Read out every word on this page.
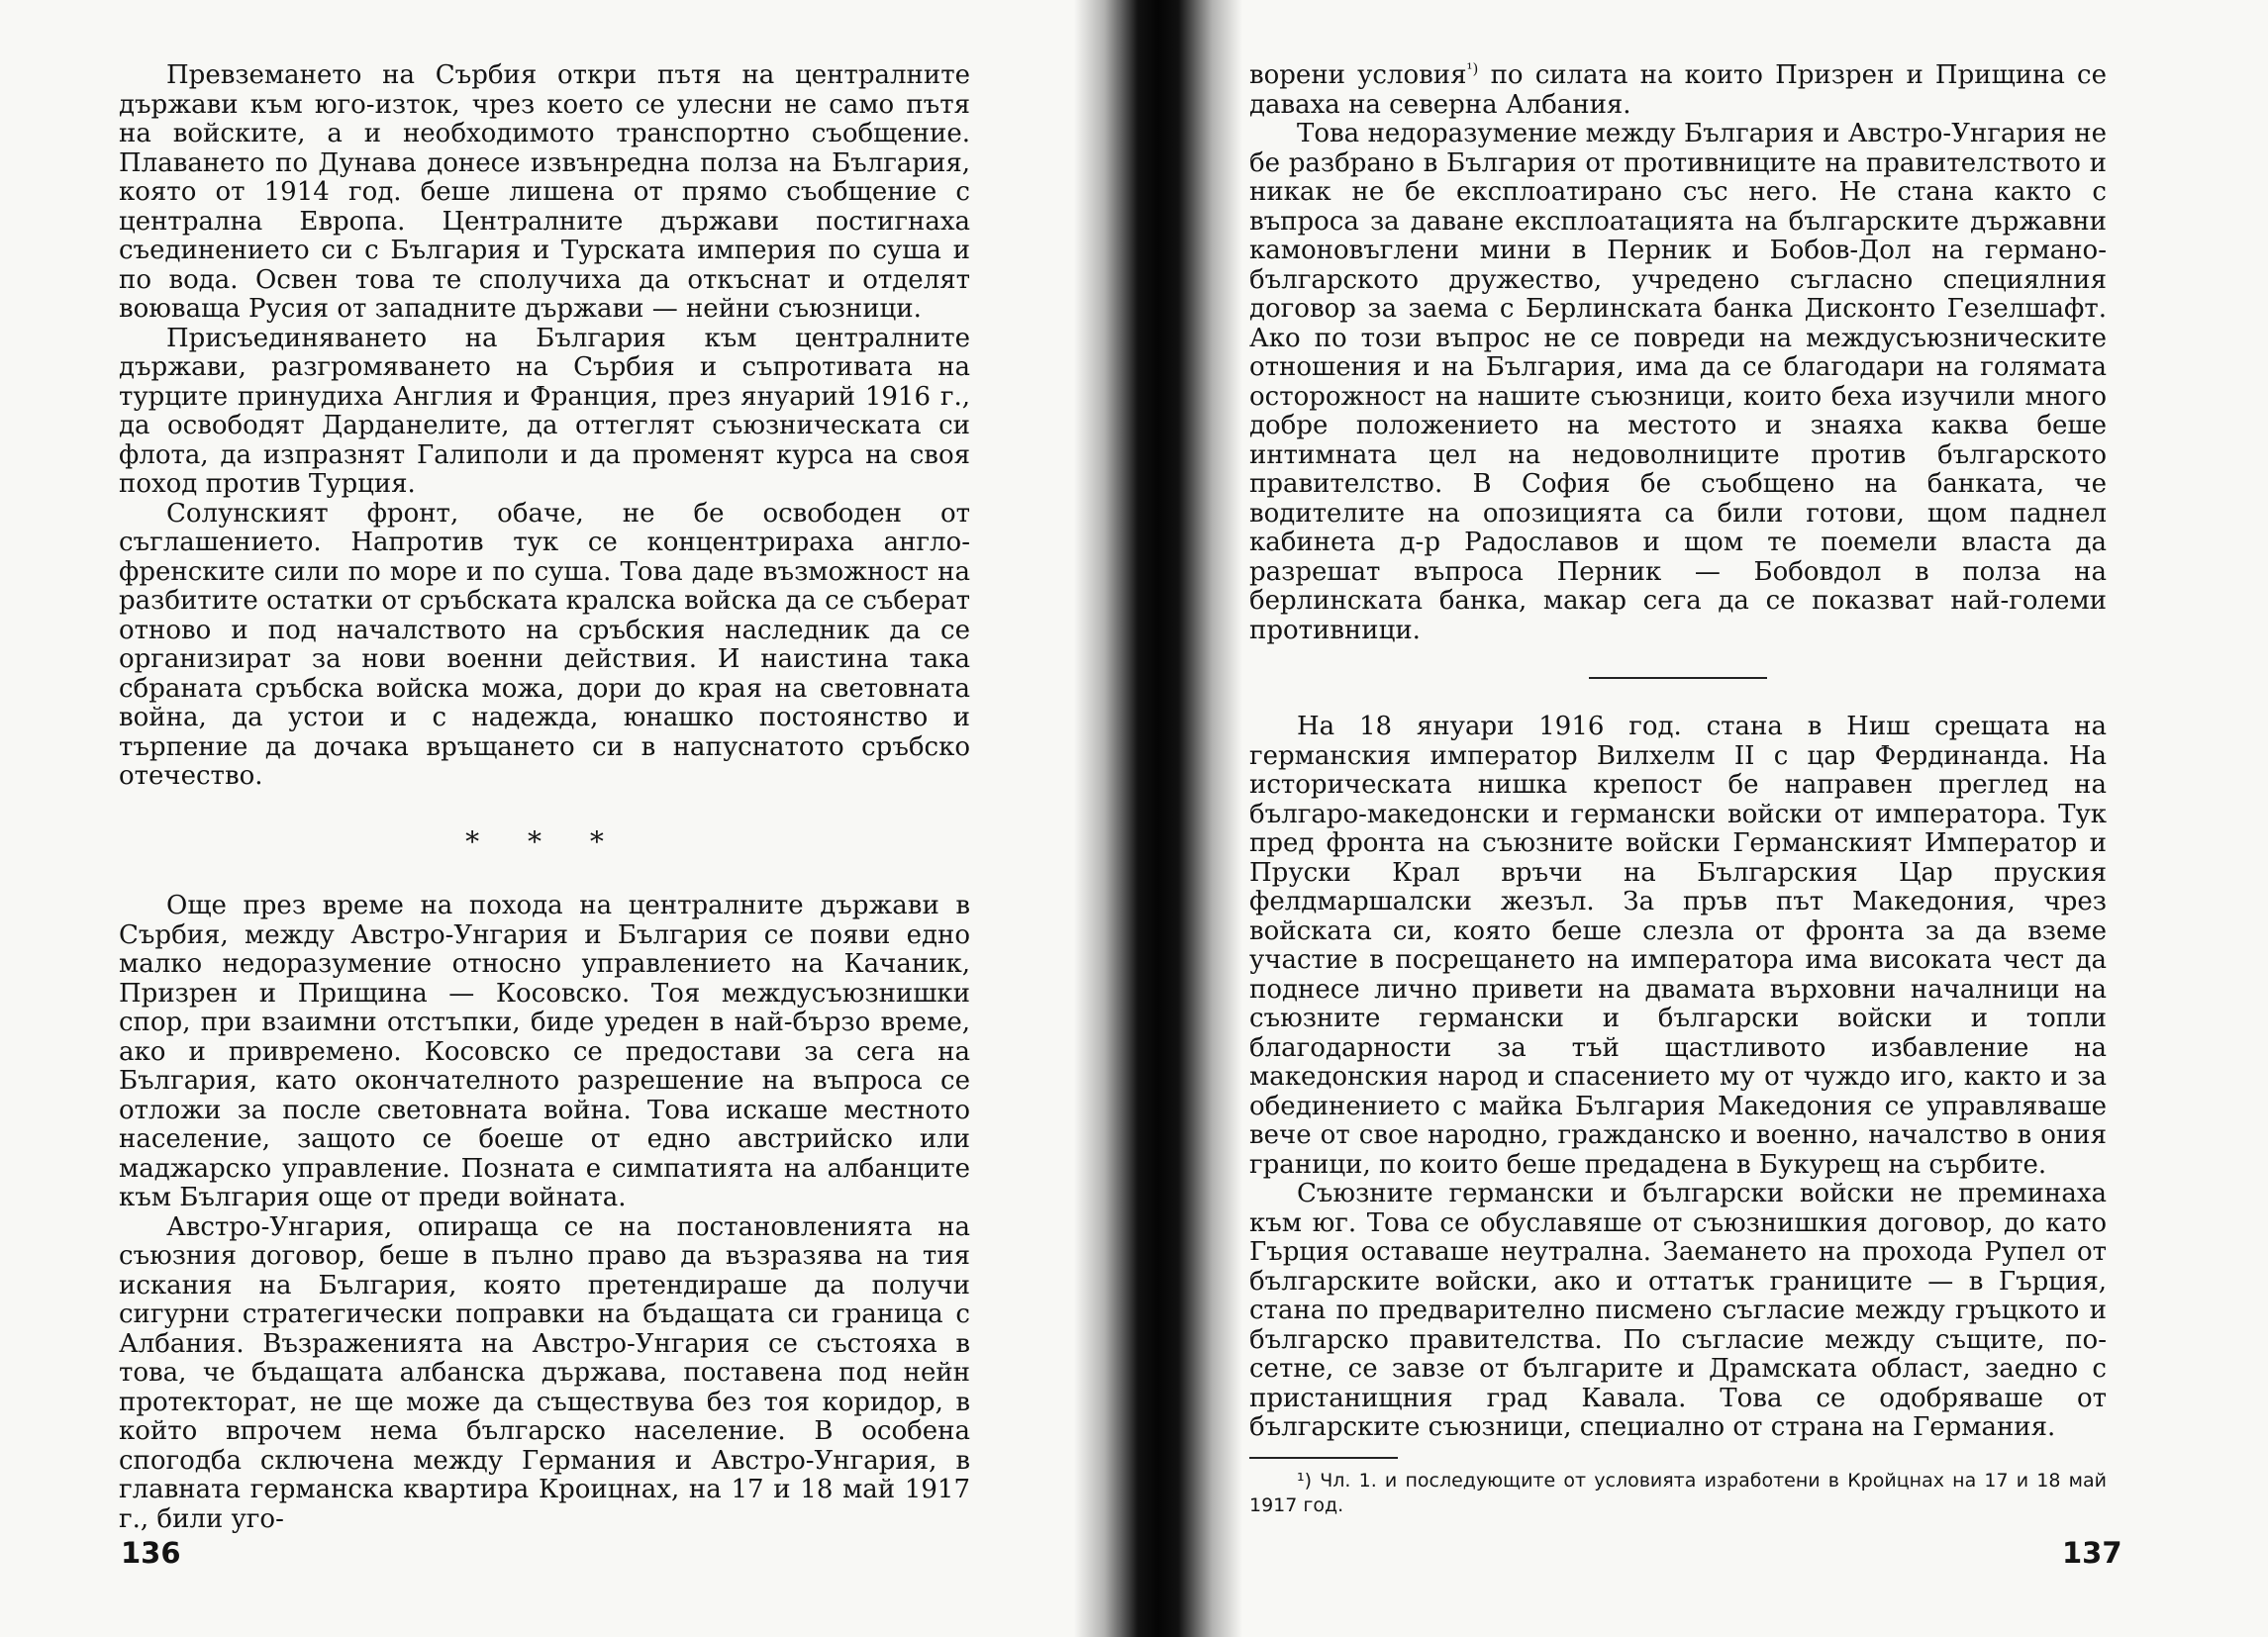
Превземането на Сърбия откри пътя на централните държави към юго-изток, чрез което се улесни не само пътя на войските, а и необходимото транспортно съобщение. Плаването по Дунава донесе извънредна полза на България, която от 1914 год. беше лишена от прямо съобщение с централна Европа. Централните държави постигнаха съединението си с България и Турската империя по суша и по вода. Освен това те сполучиха да откъснат и отделят воюваща Русия от западните държави — нейни съюзници.

Присъединяването на България към централните държави, разгромяването на Сърбия и съпротивата на турците принудиха Англия и Франция, през януарий 1916 г., да освободят Дарданелите, да оттеглят съюзническата си флота, да изпразнят Галиполи и да променят курса на своя поход против Турция.

Солунският фронт, обаче, не бе освободен от съглашението. Напротив тук се концентрираха англо-френските сили по море и по суша. Това даде възможност на разбитите остатки от сръбската кралска войска да се съберат отново и под началството на сръбския наследник да се организират за нови военни действия. И наистина така сбраната сръбска войска можа, дори до края на световната война, да устои и с надежда, юнашко постоянство и търпение да дочака връщането си в напуснатото сръбско отечество.

* * *

Още през време на похода на централните държави в Сърбия, между Австро-Унгария и България се появи едно малко недоразумение относно управлението на Качаник, Призрен и Прищина — Косовско. Тоя междусъюзнишки спор, при взаимни отстъпки, биде уреден в най-бързо време, ако и привремено. Косовско се предостави за сега на България, като окончателното разрешение на въпроса се отложи за после световната война. Това искаше местното население, защото се боеше от едно австрийско или маджарско управление. Позната е симпатията на албанците към България още от преди войната.

Австро-Унгария, опираща се на постановленията на съюзния договор, беше в пълно право да възразява на тия искания на България, която претендираше да получи сигурни стратегически поправки на бъдащата си граница с Албания. Възраженията на Австро-Унгария се състояха в това, че бъдащата албанска държава, поставена под нейн протекторат, не ще може да съществува без тоя коридор, в който впрочем нема българско население. В особена спогодба сключена между Германия и Австро-Унгария, в главната германска квартира Кроицнах, на 17 и 18 май 1917 г., били уго-

ворени условия$^{^1)}$ по силата на които Призрен и Прищина се даваха на северна Албания.

Това недоразумение между България и Австро-Унгария не бе разбрано в България от противниците на правителството и никак не бе експлоатирано със него. Не стана както с въпроса за даване експлоатацията на българските държавни камоновъглени мини в Перник и Бобов-Дол на германо-българското дружество, учредено съгласно специялния договор за заема с Берлинската банка Дисконто Гезелшафт. Ако по този въпрос не се повреди на междусъюзническите отношения и на България, има да се благодари на голямата осторожност на нашите съюзници, които беха изучили много добре положението на местото и знаяха каква беше интимната цел на недоволниците против българското правителство. В София бе съобщено на банката, че водителите на опозицията са били готови, щом паднел кабинета д-р Радославов и щом те поемели власта да разрешат въпроса Перник — Бобовдол в полза на берлинската банка, макар сега да се показват най-големи противници.

На 18 януари 1916 год. стана в Ниш срещата на германския император Вилхелм II с цар Фердинанда. На историческата нишка крепост бе направен преглед на българо-македонски и германски войски от императора. Тук пред фронта на съюзните войски Германският Император и Пруски Крал връчи на Българския Цар пруския фелдмаршалски жезъл. За пръв път Македония, чрез войската си, която беше слезла от фронта за да вземе участие в посрещането на императора има високата чест да поднесе лично привети на двамата върховни началници на съюзните германски и български войски и топли благодарности за тъй щастливото избавление на македонския народ и спасението му от чуждо иго, както и за обединението с майка България Македония се управляваше вече от свое народно, гражданско и военно, началство в ония граници, по които беше предадена в Букурещ на сърбите.

Съюзните германски и български войски не преминаха към юг. Това се обуславяше от съюзнишкия договор, до като Гърция оставаше неутрална. Заемането на прохода Рупел от българските войски, ако и оттатък границите — в Гърция, стана по предварително писмено съгласие между гръцкото и българско правителства. По съгласие между същите, по-сетне, се завзе от българите и Драмската област, заедно с пристанищния град Кавала. Това се одобряваше от българските съюзници, специално от страна на Германия.

¹) Чл. 1. и последующите от условията изработени в Кройцнах на 17 и 18 май 1917 год.

136	137
